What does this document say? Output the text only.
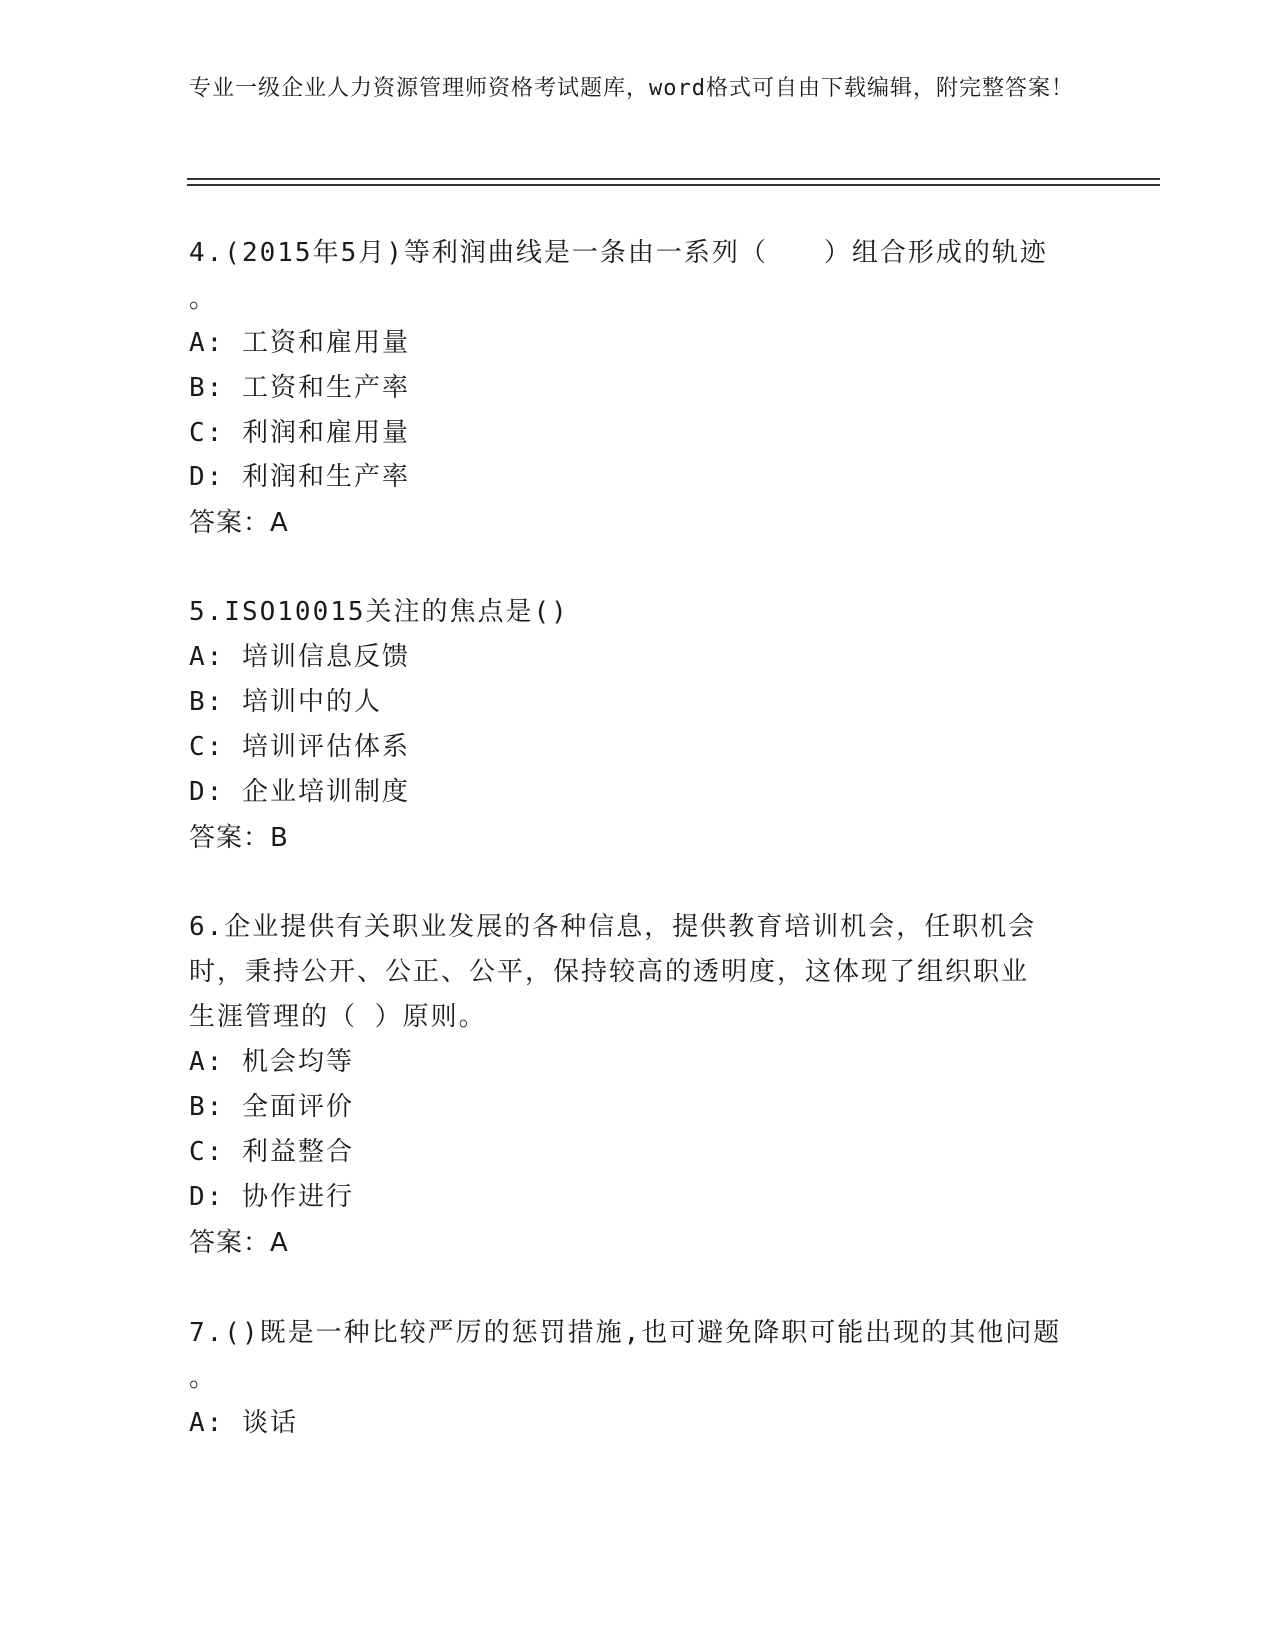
专业一级企业人力资源管理师资格考试题库，word格式可自由下载编辑，附完整答案！
4.(2015年5月)等利润曲线是一条由一系列（　　）组合形成的轨迹
。
A: 工资和雇用量
B: 工资和生产率
C: 利润和雇用量
D: 利润和生产率
答案：A
5.ISO10015关注的焦点是()
A: 培训信息反馈
B: 培训中的人
C: 培训评估体系
D: 企业培训制度
答案：B
6.企业提供有关职业发展的各种信息，提供教育培训机会，任职机会
时，秉持公开、公正、公平，保持较高的透明度，这体现了组织职业
生涯管理的（ ）原则。
A: 机会均等
B: 全面评价
C: 利益整合
D: 协作进行
答案：A
7.()既是一种比较严厉的惩罚措施,也可避免降职可能出现的其他问题
。
A: 谈话
